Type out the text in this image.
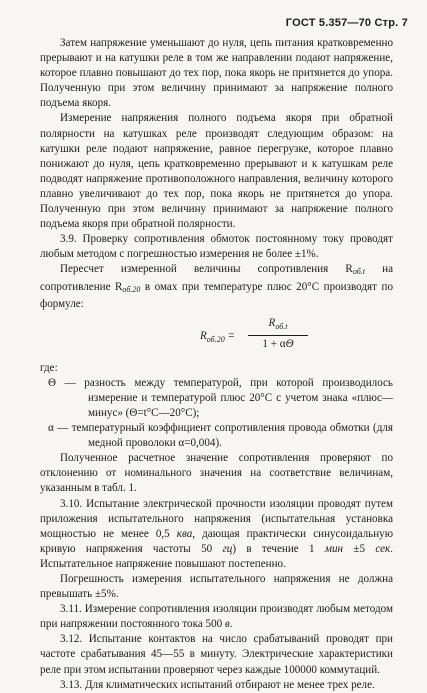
ГОСТ 5.357—70 Стр. 7

Затем напряжение уменьшают до нуля, цепь питания кратковременно прерывают и на катушки реле в том же направлении подают напряжение, которое плавно повышают до тех пор, пока якорь не притянется до упора. Полученную при этом величину принимают за напряжение полного подъема якоря.

Измерение напряжения полного подъема якоря при обратной полярности на катушках реле производят следующим образом: на катушки реле подают напряжение, равное перегрузке, которое плавно понижают до нуля, цепь кратковременно прерывают и к катушкам реле подводят напряжение противоположного направления, величину которого плавно увеличивают до тех пор, пока якорь не притянется до упора. Полученную при этом величину принимают за напряжение полного подъема якоря при обратной полярности.

3.9. Проверку сопротивления обмоток постоянному току проводят любым методом с погрешностью измерения не более ±1%.

Пересчет измеренной величины сопротивления $R_{об.t}$ на сопротивление $R_{об.20}$ в омах при температуре плюс 20°С производят по формуле:

$R_{об.20}$ =
$R_{об.t}$
1 + αΘ

где:

Θ — разность между температурой, при которой производилось измерение и температурой плюс 20°С с учетом знака «плюс—минус» (Θ=t°С—20°С);

α — температурный коэффициент сопротивления провода обмотки (для медной проволоки α=0,004).

Полученное расчетное значение сопротивления проверяют по отклонению от номинального значения на соответствие величинам, указанным в табл. 1.

3.10. Испытание электрической прочности изоляции проводят путем приложения испытательного напряжения (испытательная установка мощностью не менее 0,5 ква, дающая практически синусоидальную кривую напряжения частоты 50 гц) в течение 1 мин ±5 сек. Испытательное напряжение повышают постепенно.

Погрешность измерения испытательного напряжения не должна превышать ±5%.

3.11. Измерение сопротивления изоляции производят любым методом при напряжении постоянного тока 500 в.

3.12. Испытание контактов на число срабатываний проводят при частоте срабатывания 45—55 в минуту. Электрические характеристики реле при этом испытании проверяют через каждые 100000 коммутаций.

3.13. Для климатических испытаний отбирают не менее трех реле.
